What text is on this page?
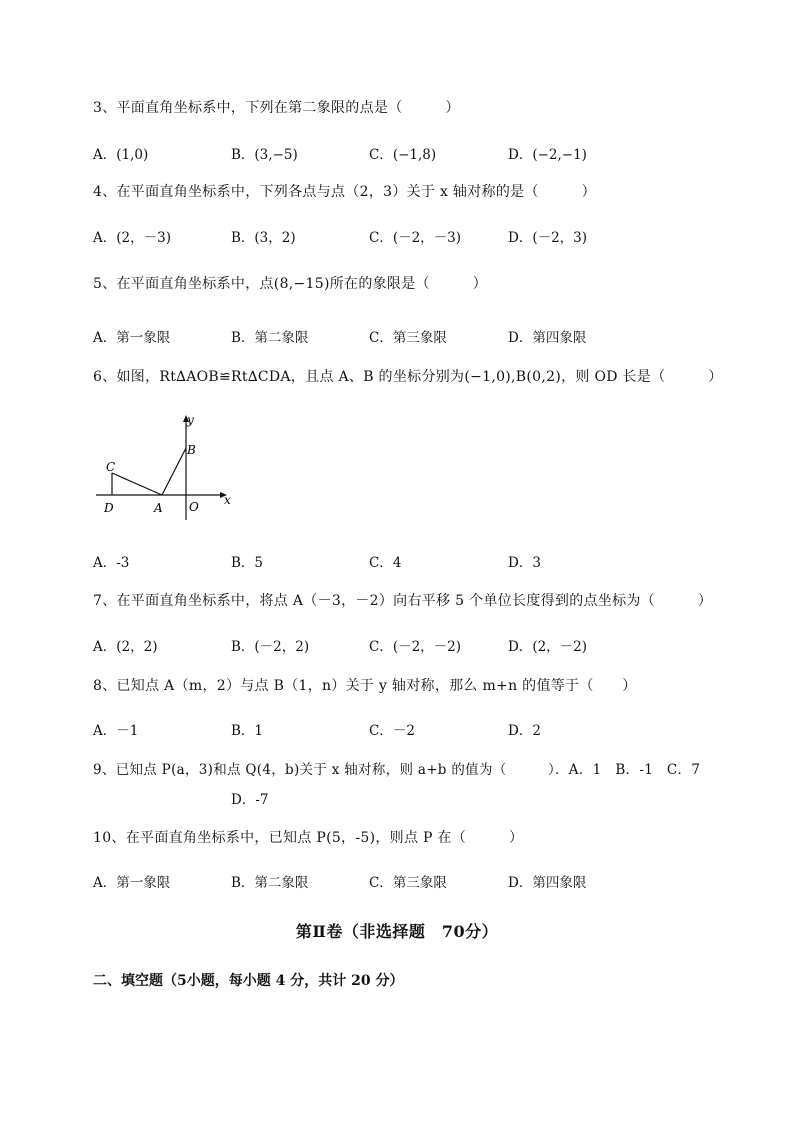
3、平面直角坐标系中，下列在第二象限的点是（　　　）
A．(1,0)	B．(3,−5)	C．(−1,8)	D．(−2,−1)
4、在平面直角坐标系中，下列各点与点（2，3）关于 x 轴对称的是（　　　）
A．(2，－3)	B．(3，2)	C．(－2，－3)	D．(－2，3)
5、在平面直角坐标系中，点(8,−15)所在的象限是（　　　）
A．第一象限	B．第二象限	C．第三象限	D．第四象限
6、如图，Rt∆AOB≌Rt∆CDA，且点 A、B 的坐标分别为(−1,0),B(0,2)，则 OD 长是（　　　）
y
B
C
x
D	A O
A．-3	B．5	C．4	D．3
7、在平面直角坐标系中，将点 A（－3，－2）向右平移 5 个单位长度得到的点坐标为（　　　）
A．(2，2)	B．(－2，2)	C．(－2，－2)	D．(2，－2)
8、已知点 A（m，2）与点 B（1，n）关于 y 轴对称，那么 m+n 的值等于（　　）
A．－1	B．1	C．－2	D．2
9、已知点 P(a，3)和点 Q(4，b)关于 x 轴对称，则 a+b 的值为（　　　）．A．1　B．-1　C．7
D．-7
10、在平面直角坐标系中，已知点 P(5，-5)，则点 P 在（　　　）
A．第一象限	B．第二象限	C．第三象限	D．第四象限
第Ⅱ卷（非选择题　70分）
二、填空题（5小题，每小题 4 分，共计 20 分）
